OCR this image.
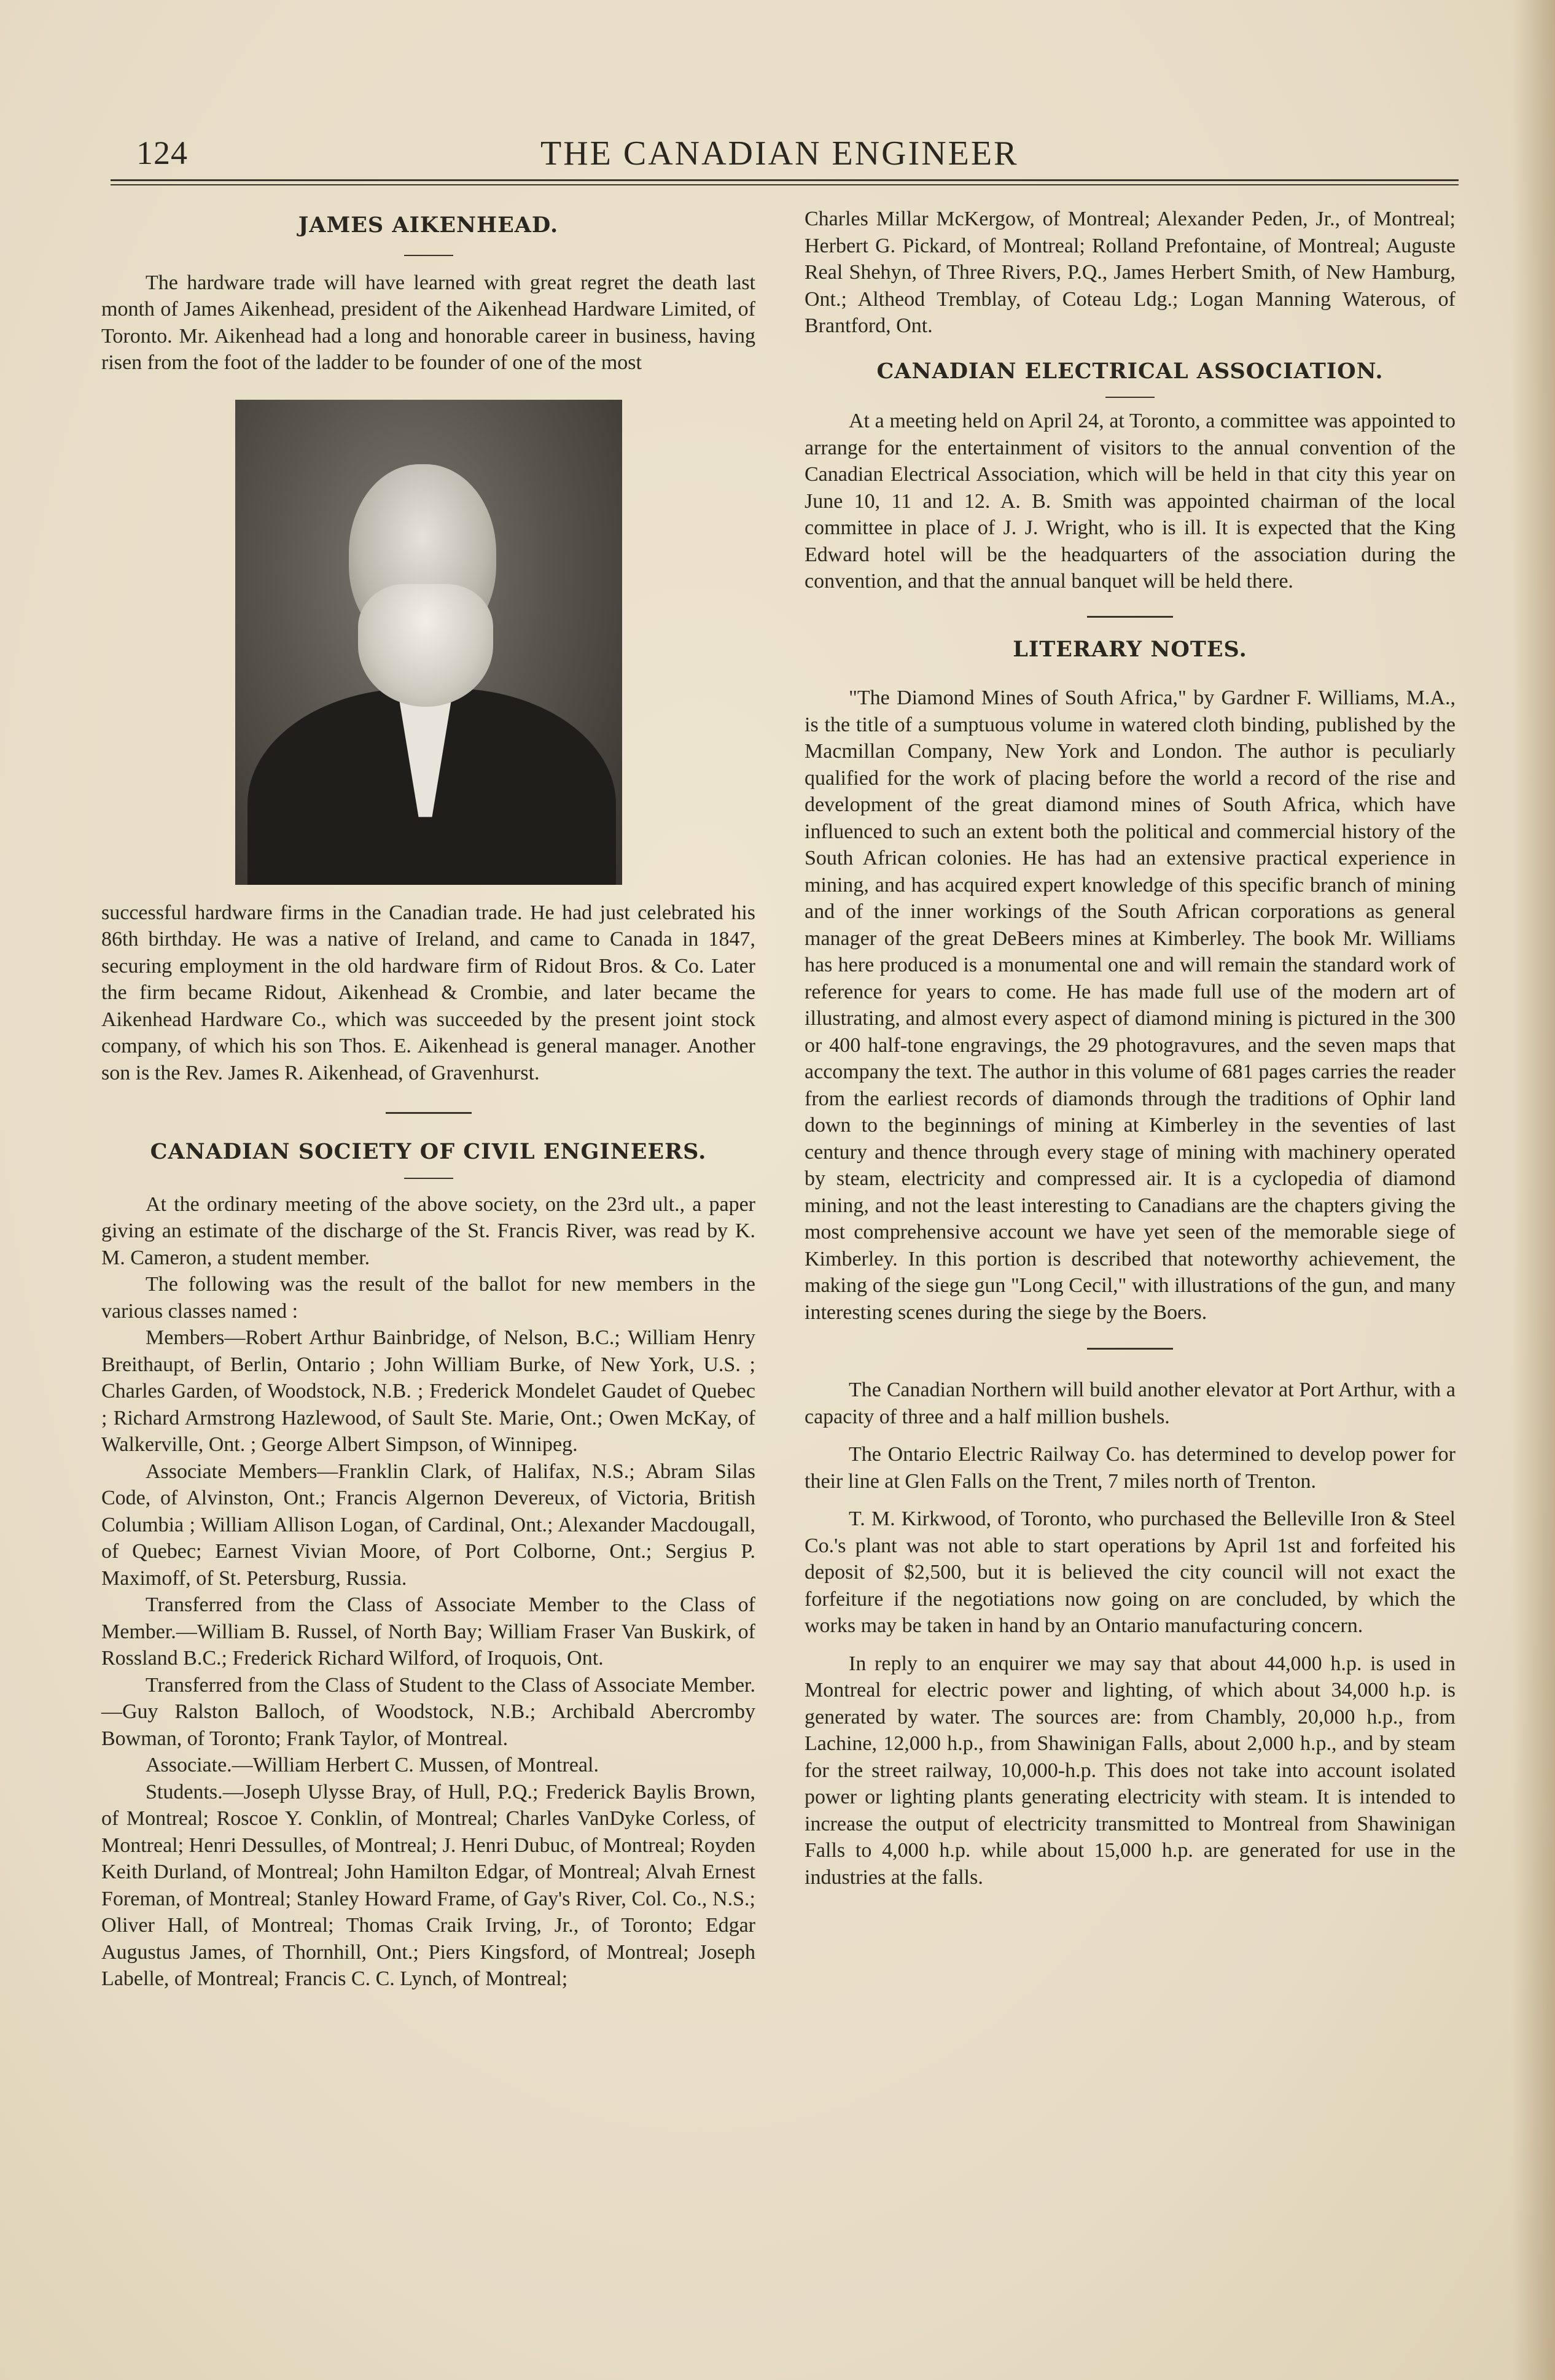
124	THE CANADIAN ENGINEER
JAMES AIKENHEAD.

The hardware trade will have learned with great regret the death last month of James Aikenhead, president of the Aikenhead Hardware Limited, of Toronto. Mr. Aikenhead had a long and honorable career in business, having risen from the foot of the ladder to be founder of one of the most

successful hardware firms in the Canadian trade. He had just celebrated his 86th birthday. He was a native of Ireland, and came to Canada in 1847, securing employment in the old hardware firm of Ridout Bros. & Co. Later the firm became Ridout, Aikenhead & Crombie, and later became the Aikenhead Hardware Co., which was succeeded by the present joint stock company, of which his son Thos. E. Aikenhead is general manager. Another son is the Rev. James R. Aikenhead, of Gravenhurst.

CANADIAN SOCIETY OF CIVIL ENGINEERS.

At the ordinary meeting of the above society, on the 23rd ult., a paper giving an estimate of the discharge of the St. Francis River, was read by K. M. Cameron, a student member.

The following was the result of the ballot for new members in the various classes named :

Members—Robert Arthur Bainbridge, of Nelson, B.C.; William Henry Breithaupt, of Berlin, Ontario ; John William Burke, of New York, U.S. ; Charles Garden, of Woodstock, N.B. ; Frederick Mondelet Gaudet of Quebec ; Richard Armstrong Hazlewood, of Sault Ste. Marie, Ont.; Owen McKay, of Walkerville, Ont. ; George Albert Simpson, of Winnipeg.

Associate Members—Franklin Clark, of Halifax, N.S.; Abram Silas Code, of Alvinston, Ont.; Francis Algernon Devereux, of Victoria, British Columbia ; William Allison Logan, of Cardinal, Ont.; Alexander Macdougall, of Quebec; Earnest Vivian Moore, of Port Colborne, Ont.; Sergius P. Maximoff, of St. Petersburg, Russia.

Transferred from the Class of Associate Member to the Class of Member.—William B. Russel, of North Bay; William Fraser Van Buskirk, of Rossland B.C.; Frederick Richard Wilford, of Iroquois, Ont.

Transferred from the Class of Student to the Class of Associate Member.—Guy Ralston Balloch, of Woodstock, N.B.; Archibald Abercromby Bowman, of Toronto; Frank Taylor, of Montreal.

Associate.—William Herbert C. Mussen, of Montreal.

Students.—Joseph Ulysse Bray, of Hull, P.Q.; Frederick Baylis Brown, of Montreal; Roscoe Y. Conklin, of Montreal; Charles VanDyke Corless, of Montreal; Henri Dessulles, of Montreal; J. Henri Dubuc, of Montreal; Royden Keith Durland, of Montreal; John Hamilton Edgar, of Montreal; Alvah Ernest Foreman, of Montreal; Stanley Howard Frame, of Gay's River, Col. Co., N.S.; Oliver Hall, of Montreal; Thomas Craik Irving, Jr., of Toronto; Edgar Augustus James, of Thornhill, Ont.; Piers Kingsford, of Montreal; Joseph Labelle, of Montreal; Francis C. C. Lynch, of Montreal;

Charles Millar McKergow, of Montreal; Alexander Peden, Jr., of Montreal; Herbert G. Pickard, of Montreal; Rolland Prefontaine, of Montreal; Auguste Real Shehyn, of Three Rivers, P.Q., James Herbert Smith, of New Hamburg, Ont.; Altheod Tremblay, of Coteau Ldg.; Logan Manning Waterous, of Brantford, Ont.

CANADIAN ELECTRICAL ASSOCIATION.

At a meeting held on April 24, at Toronto, a committee was appointed to arrange for the entertainment of visitors to the annual convention of the Canadian Electrical Association, which will be held in that city this year on June 10, 11 and 12. A. B. Smith was appointed chairman of the local committee in place of J. J. Wright, who is ill. It is expected that the King Edward hotel will be the headquarters of the association during the convention, and that the annual banquet will be held there.

LITERARY NOTES.

"The Diamond Mines of South Africa," by Gardner F. Williams, M.A., is the title of a sumptuous volume in watered cloth binding, published by the Macmillan Company, New York and London. The author is peculiarly qualified for the work of placing before the world a record of the rise and development of the great diamond mines of South Africa, which have influenced to such an extent both the political and commercial history of the South African colonies. He has had an extensive practical experience in mining, and has acquired expert knowledge of this specific branch of mining and of the inner workings of the South African corporations as general manager of the great DeBeers mines at Kimberley. The book Mr. Williams has here produced is a monumental one and will remain the standard work of reference for years to come. He has made full use of the modern art of illustrating, and almost every aspect of diamond mining is pictured in the 300 or 400 half-tone engravings, the 29 photogravures, and the seven maps that accompany the text. The author in this volume of 681 pages carries the reader from the earliest records of diamonds through the traditions of Ophir land down to the beginnings of mining at Kimberley in the seventies of last century and thence through every stage of mining with machinery operated by steam, electricity and compressed air. It is a cyclopedia of diamond mining, and not the least interesting to Canadians are the chapters giving the most comprehensive account we have yet seen of the memorable siege of Kimberley. In this portion is described that noteworthy achievement, the making of the siege gun "Long Cecil," with illustrations of the gun, and many interesting scenes during the siege by the Boers.

The Canadian Northern will build another elevator at Port Arthur, with a capacity of three and a half million bushels.

The Ontario Electric Railway Co. has determined to develop power for their line at Glen Falls on the Trent, 7 miles north of Trenton.

T. M. Kirkwood, of Toronto, who purchased the Belleville Iron & Steel Co.'s plant was not able to start operations by April 1st and forfeited his deposit of $2,500, but it is believed the city council will not exact the forfeiture if the negotiations now going on are concluded, by which the works may be taken in hand by an Ontario manufacturing concern.

In reply to an enquirer we may say that about 44,000 h.p. is used in Montreal for electric power and lighting, of which about 34,000 h.p. is generated by water. The sources are: from Chambly, 20,000 h.p., from Lachine, 12,000 h.p., from Shawinigan Falls, about 2,000 h.p., and by steam for the street railway, 10,000-h.p. This does not take into account isolated power or lighting plants generating electricity with steam. It is intended to increase the output of electricity transmitted to Montreal from Shawinigan Falls to 4,000 h.p. while about 15,000 h.p. are generated for use in the industries at the falls.
